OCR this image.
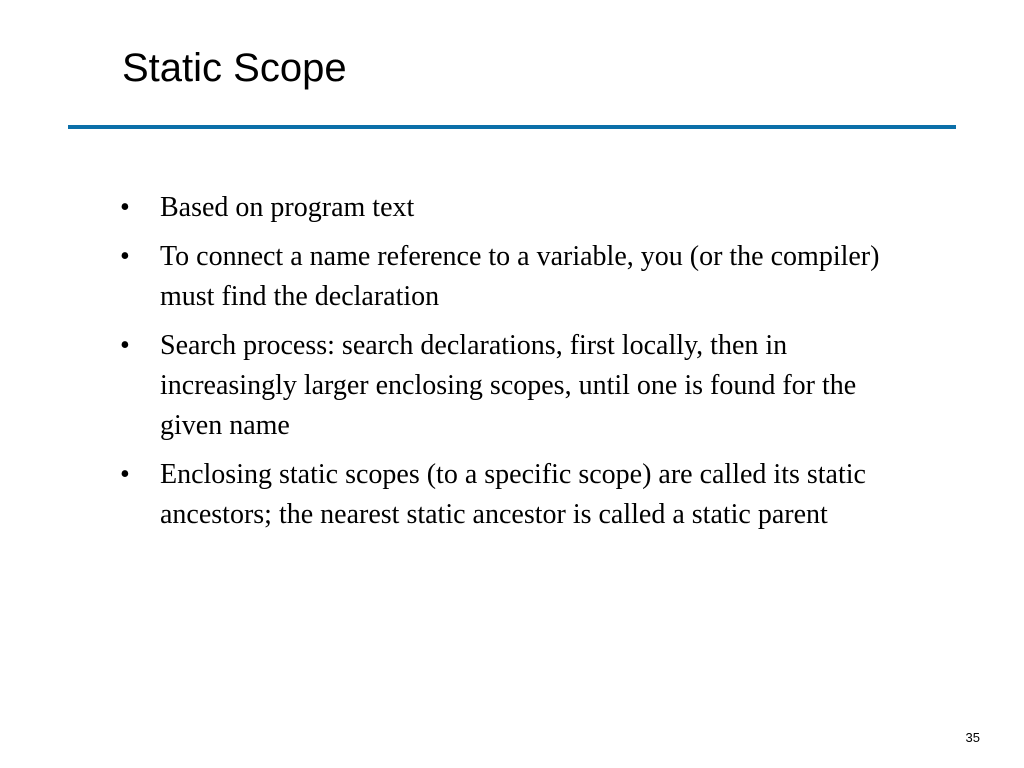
Static Scope
•	Based on program text
•	To connect a name reference to a variable, you (or the compiler) must find the declaration
•	Search process: search declarations, first locally, then in increasingly larger enclosing scopes, until one is found for the given name
•	Enclosing static scopes (to a specific scope) are called its static ancestors; the nearest static ancestor is called a static parent
35
